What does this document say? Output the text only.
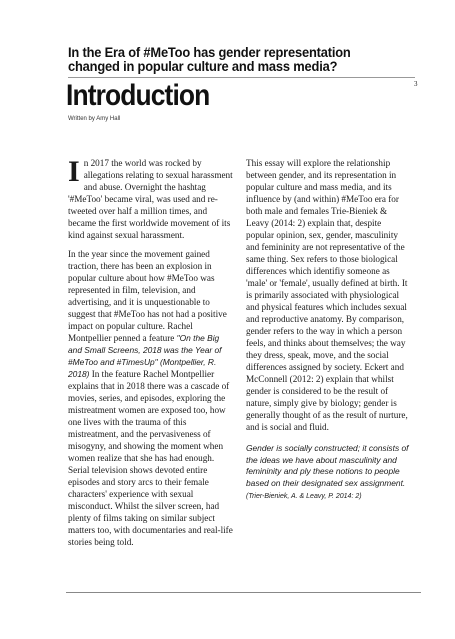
In the Era of #MeToo has gender representation changed in popular culture and mass media?
3
Introduction
Written by Amy Hall

In 2017 the world was rocked by allegations relating to sexual harassment and abuse. Overnight the hashtag '#MeToo' became viral, was used and re-tweeted over half a million times, and became the first worldwide movement of its kind against sexual harassment.

In the year since the movement gained traction, there has been an explosion in popular culture about how #MeToo was represented in film, television, and advertising, and it is unquestionable to suggest that #MeToo has not had a positive impact on popular culture. Rachel Montpellier penned a feature "On the Big and Small Screens, 2018 was the Year of #MeToo and #TimesUp" (Montpellier, R. 2018) In the feature Rachel Montpellier explains that in 2018 there was a cascade of movies, series, and episodes, exploring the mistreatment women are exposed too, how one lives with the trauma of this mistreatment, and the pervasiveness of misogyny, and showing the moment when women realize that she has had enough. Serial television shows devoted entire episodes and story arcs to their female characters' experience with sexual misconduct. Whilst the silver screen, had plenty of films taking on similar subject matters too, with documentaries and real-life stories being told.

This essay will explore the relationship between gender, and its representation in popular culture and mass media, and its influence by (and within) #MeToo era for both male and females Trie-Bieniek & Leavy (2014: 2) explain that, despite popular opinion, sex, gender, masculinity and femininity are not representative of the same thing. Sex refers to those biological differences which identifiy someone as 'male' or 'female', usually defined at birth. It is primarily associated with physiological and physical features which includes sexual and reproductive anatomy. By comparison, gender refers to the way in which a person feels, and thinks about themselves; the way they dress, speak, move, and the social differences assigned by society. Eckert and McConnell (2012: 2) explain that whilst gender is considered to be the result of nature, simply give by biology; gender is generally thought of as the result of nurture, and is social and fluid.

Gender is socially constructed; it consists of the ideas we have about masculinity and femininity and ply these notions to people based on their designated sex assignment.
(Trier-Bieniek, A. & Leavy, P. 2014: 2)
